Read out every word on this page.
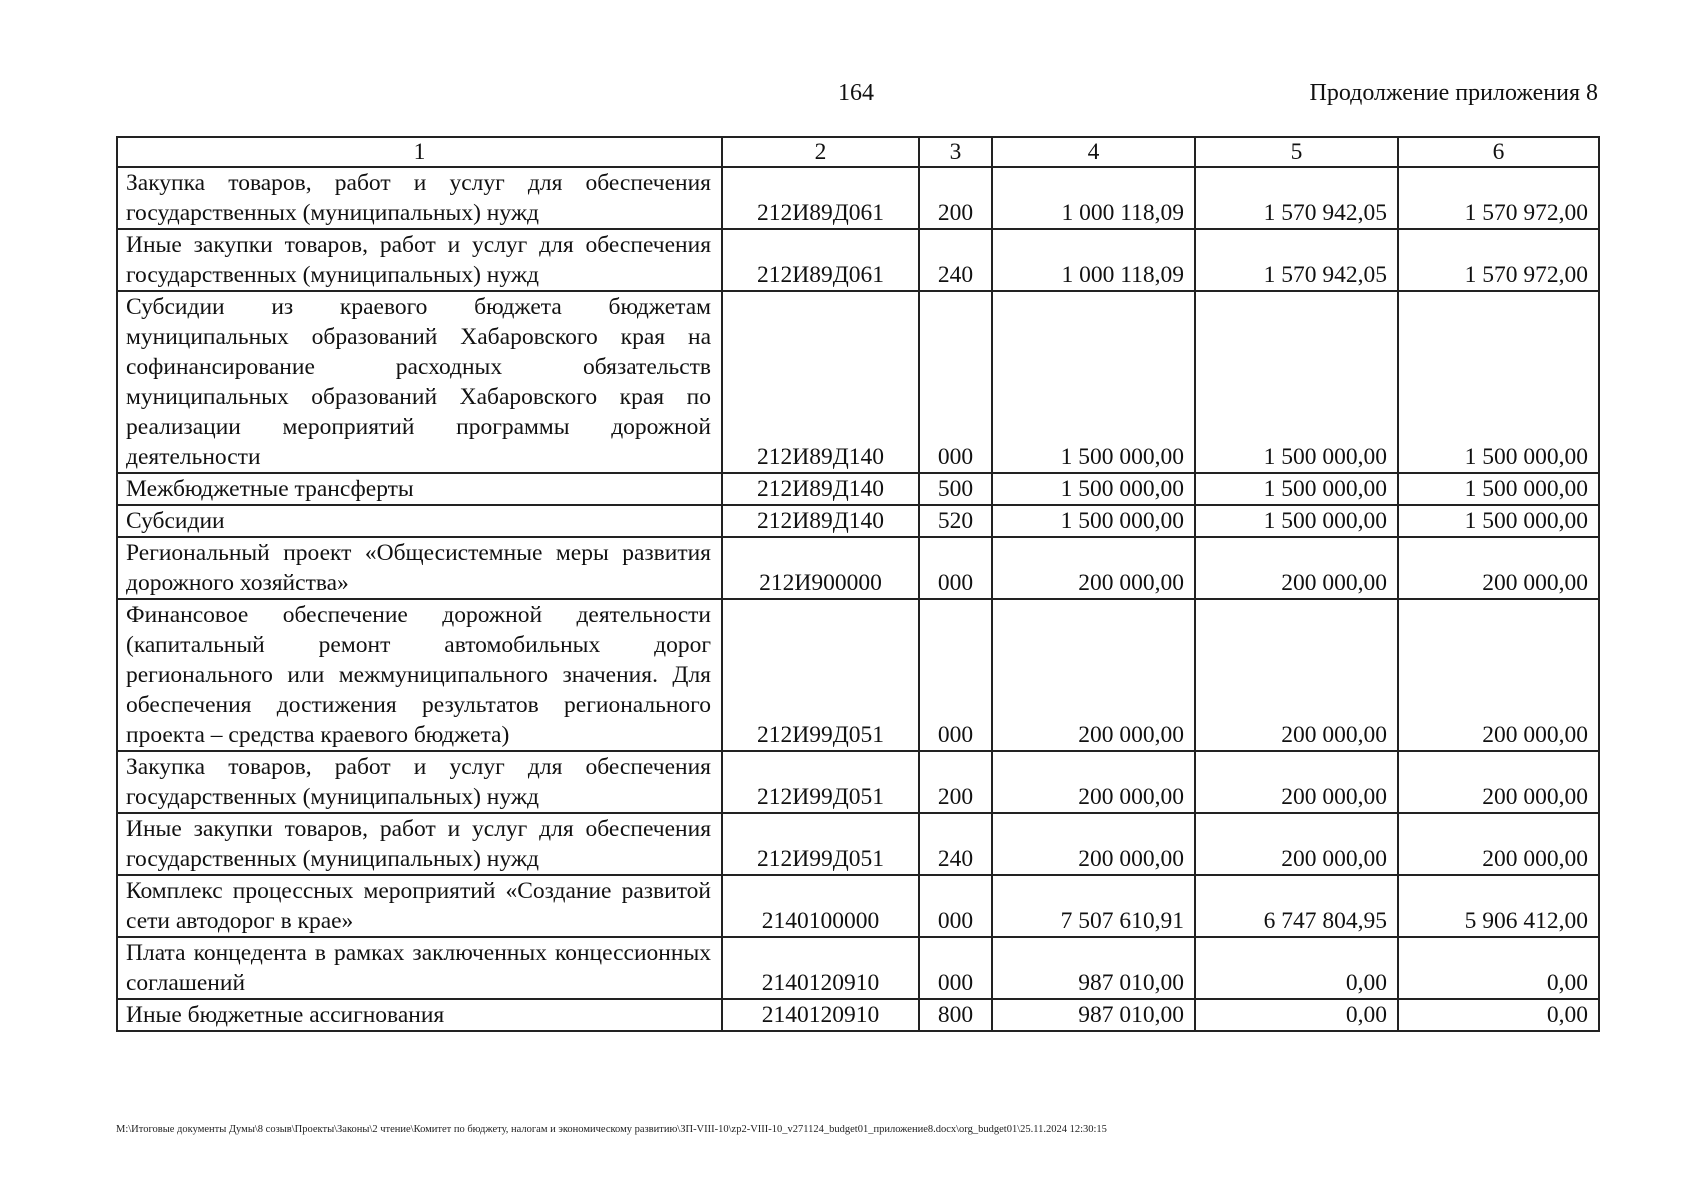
164	Продолжение приложения 8
1	2	3	4	5	6
Закупка товаров, работ и услуг для обеспечения государственных (муниципальных) нужд	212И89Д061	200	1 000 118,09	1 570 942,05	1 570 972,00
Иные закупки товаров, работ и услуг для обеспечения государственных (муниципальных) нужд	212И89Д061	240	1 000 118,09	1 570 942,05	1 570 972,00
Субсидии из краевого бюджета бюджетам муниципальных образований Хабаровского края на софинансирование расходных обязательств муниципальных образований Хабаровского края по реализации мероприятий программы дорожной деятельности	212И89Д140	000	1 500 000,00	1 500 000,00	1 500 000,00
Межбюджетные трансферты	212И89Д140	500	1 500 000,00	1 500 000,00	1 500 000,00
Субсидии	212И89Д140	520	1 500 000,00	1 500 000,00	1 500 000,00
Региональный проект «Общесистемные меры развития дорожного хозяйства»	212И900000	000	200 000,00	200 000,00	200 000,00
Финансовое обеспечение дорожной деятельности (капитальный ремонт автомобильных дорог регионального или межмуниципального значения. Для обеспечения достижения результатов регионального проекта – средства краевого бюджета)	212И99Д051	000	200 000,00	200 000,00	200 000,00
Закупка товаров, работ и услуг для обеспечения государственных (муниципальных) нужд	212И99Д051	200	200 000,00	200 000,00	200 000,00
Иные закупки товаров, работ и услуг для обеспечения государственных (муниципальных) нужд	212И99Д051	240	200 000,00	200 000,00	200 000,00
Комплекс процессных мероприятий «Создание развитой сети автодорог в крае»	2140100000	000	7 507 610,91	6 747 804,95	5 906 412,00
Плата концедента в рамках заключенных концессионных соглашений	2140120910	000	987 010,00	0,00	0,00
Иные бюджетные ассигнования	2140120910	800	987 010,00	0,00	0,00
M:\Итоговые документы Думы\8 созыв\Проекты\Законы\2 чтение\Комитет по бюджету, налогам и экономическому развитию\ЗП-VIII-10\zp2-VIII-10_v271124_budget01_приложение8.docx\org_budget01\25.11.2024 12:30:15
